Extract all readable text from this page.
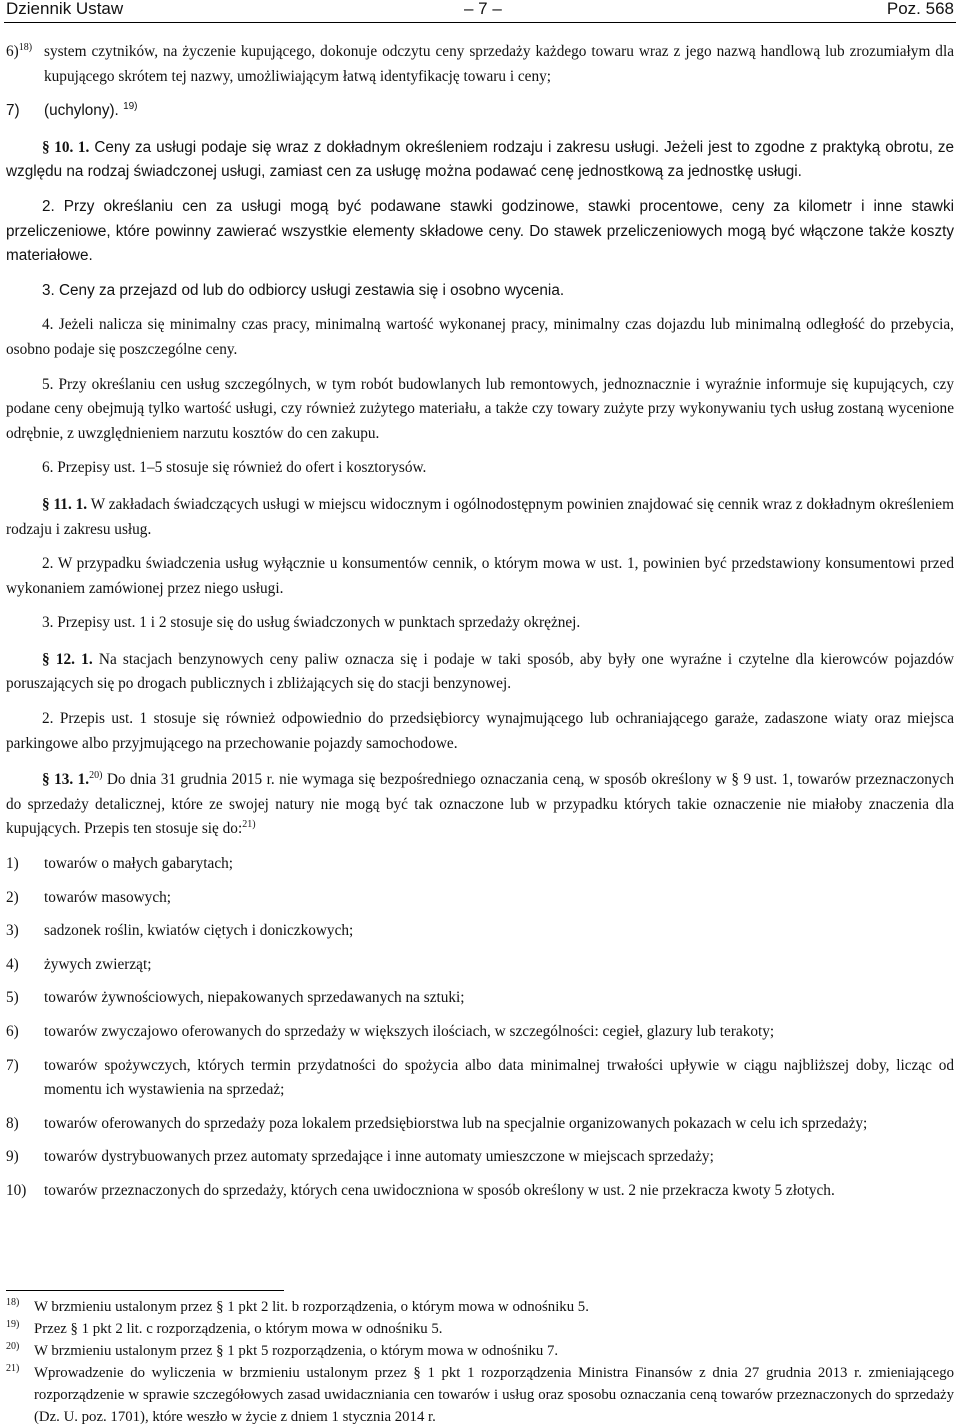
Dziennik Ustaw	– 7 –	Poz. 568
6)$^{18)}$ system czytników, na życzenie kupującego, dokonuje odczytu ceny sprzedaży każdego towaru wraz z jego nazwą handlową lub zrozumiałym dla kupującego skrótem tej nazwy, umożliwiającym łatwą identyfikację towaru i ceny;
7)	(uchylony). $^{19)}$

§ 10. 1. Ceny za usługi podaje się wraz z dokładnym określeniem rodzaju i zakresu usługi. Jeżeli jest to zgodne z praktyką obrotu, ze względu na rodzaj świadczonej usługi, zamiast cen za usługę można podawać cenę jednostkową za jednostkę usługi.

2. Przy określaniu cen za usługi mogą być podawane stawki godzinowe, stawki procentowe, ceny za kilometr i inne stawki przeliczeniowe, które powinny zawierać wszystkie elementy składowe ceny. Do stawek przeliczeniowych mogą być włączone także koszty materiałowe.

3. Ceny za przejazd od lub do odbiorcy usługi zestawia się i osobno wycenia.

4. Jeżeli nalicza się minimalny czas pracy, minimalną wartość wykonanej pracy, minimalny czas dojazdu lub minimalną odległość do przebycia, osobno podaje się poszczególne ceny.

5. Przy określaniu cen usług szczególnych, w tym robót budowlanych lub remontowych, jednoznacznie i wyraźnie informuje się kupujących, czy podane ceny obejmują tylko wartość usługi, czy również zużytego materiału, a także czy towary zużyte przy wykonywaniu tych usług zostaną wycenione odrębnie, z uwzględnieniem narzutu kosztów do cen zakupu.

6. Przepisy ust. 1–5 stosuje się również do ofert i kosztorysów.

§ 11. 1. W zakładach świadczących usługi w miejscu widocznym i ogólnodostępnym powinien znajdować się cennik wraz z dokładnym określeniem rodzaju i zakresu usług.

2. W przypadku świadczenia usług wyłącznie u konsumentów cennik, o którym mowa w ust. 1, powinien być przedstawiony konsumentowi przed wykonaniem zamówionej przez niego usługi.

3. Przepisy ust. 1 i 2 stosuje się do usług świadczonych w punktach sprzedaży okrężnej.

§ 12. 1. Na stacjach benzynowych ceny paliw oznacza się i podaje w taki sposób, aby były one wyraźne i czytelne dla kierowców pojazdów poruszających się po drogach publicznych i zbliżających się do stacji benzynowej.

2. Przepis ust. 1 stosuje się również odpowiednio do przedsiębiorcy wynajmującego lub ochraniającego garaże, zadaszone wiaty oraz miejsca parkingowe albo przyjmującego na przechowanie pojazdy samochodowe.

§ 13. 1.$^{20)}$ Do dnia 31 grudnia 2015 r. nie wymaga się bezpośredniego oznaczania ceną, w sposób określony w § 9 ust. 1, towarów przeznaczonych do sprzedaży detalicznej, które ze swojej natury nie mogą być tak oznaczone lub w przypadku których takie oznaczenie nie miałoby znaczenia dla kupujących. Przepis ten stosuje się do:$^{21)}$

1)	towarów o małych gabarytach;
2)	towarów masowych;
3)	sadzonek roślin, kwiatów ciętych i doniczkowych;
4)	żywych zwierząt;
5)	towarów żywnościowych, niepakowanych sprzedawanych na sztuki;
6)	towarów zwyczajowo oferowanych do sprzedaży w większych ilościach, w szczególności: cegieł, glazury lub terakoty;
7)	towarów spożywczych, których termin przydatności do spożycia albo data minimalnej trwałości upływie w ciągu najbliższej doby, licząc od momentu ich wystawienia na sprzedaż;
8)	towarów oferowanych do sprzedaży poza lokalem przedsiębiorstwa lub na specjalnie organizowanych pokazach w celu ich sprzedaży;
9)	towarów dystrybuowanych przez automaty sprzedające i inne automaty umieszczone w miejscach sprzedaży;
10)	towarów przeznaczonych do sprzedaży, których cena uwidoczniona w sposób określony w ust. 2 nie przekracza kwoty 5 złotych.
18) W brzmieniu ustalonym przez § 1 pkt 2 lit. b rozporządzenia, o którym mowa w odnośniku 5.
19) Przez § 1 pkt 2 lit. c rozporządzenia, o którym mowa w odnośniku 5.
20) W brzmieniu ustalonym przez § 1 pkt 5 rozporządzenia, o którym mowa w odnośniku 7.
21) Wprowadzenie do wyliczenia w brzmieniu ustalonym przez § 1 pkt 1 rozporządzenia Ministra Finansów z dnia 27 grudnia 2013 r. zmieniającego rozporządzenie w sprawie szczegółowych zasad uwidaczniania cen towarów i usług oraz sposobu oznaczania ceną towarów przeznaczonych do sprzedaży (Dz. U. poz. 1701), które weszło w życie z dniem 1 stycznia 2014 r.
